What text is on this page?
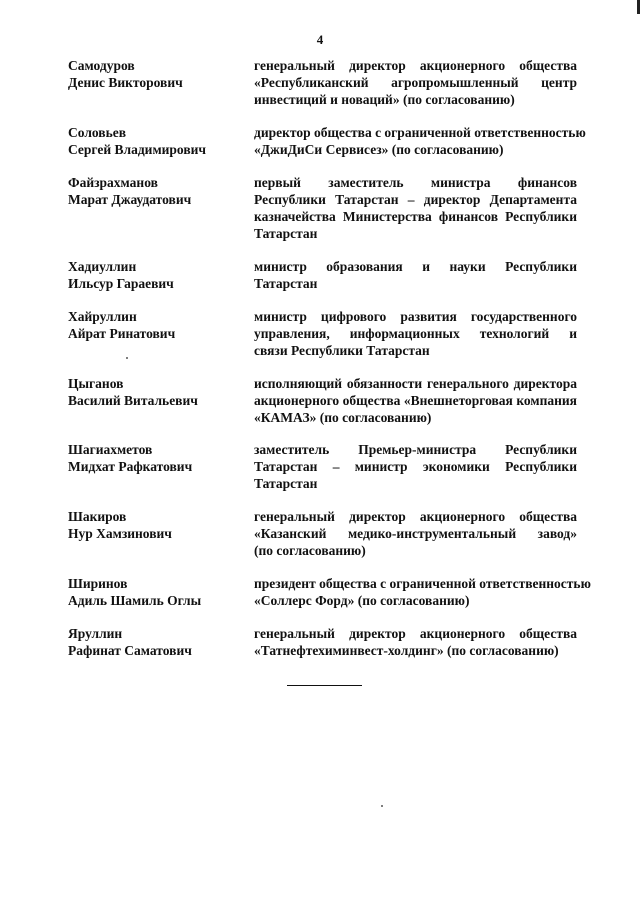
4
Самодуров
Денис Викторович
генеральный директор акционерного общества
«Республиканский агропромышленный центр
инвестиций и новаций» (по согласованию)
Соловьев
Сергей Владимирович
директор общества с ограниченной ответственностью
«ДжиДиСи Сервисез» (по согласованию)
Файзрахманов
Марат Джаудатович
первый заместитель министра финансов
Республики Татарстан – директор Департамента
казначейства Министерства финансов Республики
Татарстан
Хадиуллин
Ильсур Гараевич
министр образования и науки Республики
Татарстан
Хайруллин
Айрат Ринатович
министр цифрового развития государственного
управления, информационных технологий и
связи Республики Татарстан
Цыганов
Василий Витальевич
исполняющий обязанности генерального директора
акционерного общества «Внешнеторговая компания
«КАМАЗ» (по согласованию)
Шагиахметов
Мидхат Рафкатович
заместитель Премьер-министра Республики
Татарстан – министр экономики Республики
Татарстан
Шакиров
Нур Хамзинович
генеральный директор акционерного общества
«Казанский медико-инструментальный завод»
(по согласованию)
Ширинов
Адиль Шамиль Оглы
президент общества с ограниченной ответственностью
«Соллерс Форд» (по согласованию)
Яруллин
Рафинат Саматович
генеральный директор акционерного общества
«Татнефтехиминвест-холдинг» (по согласованию)
